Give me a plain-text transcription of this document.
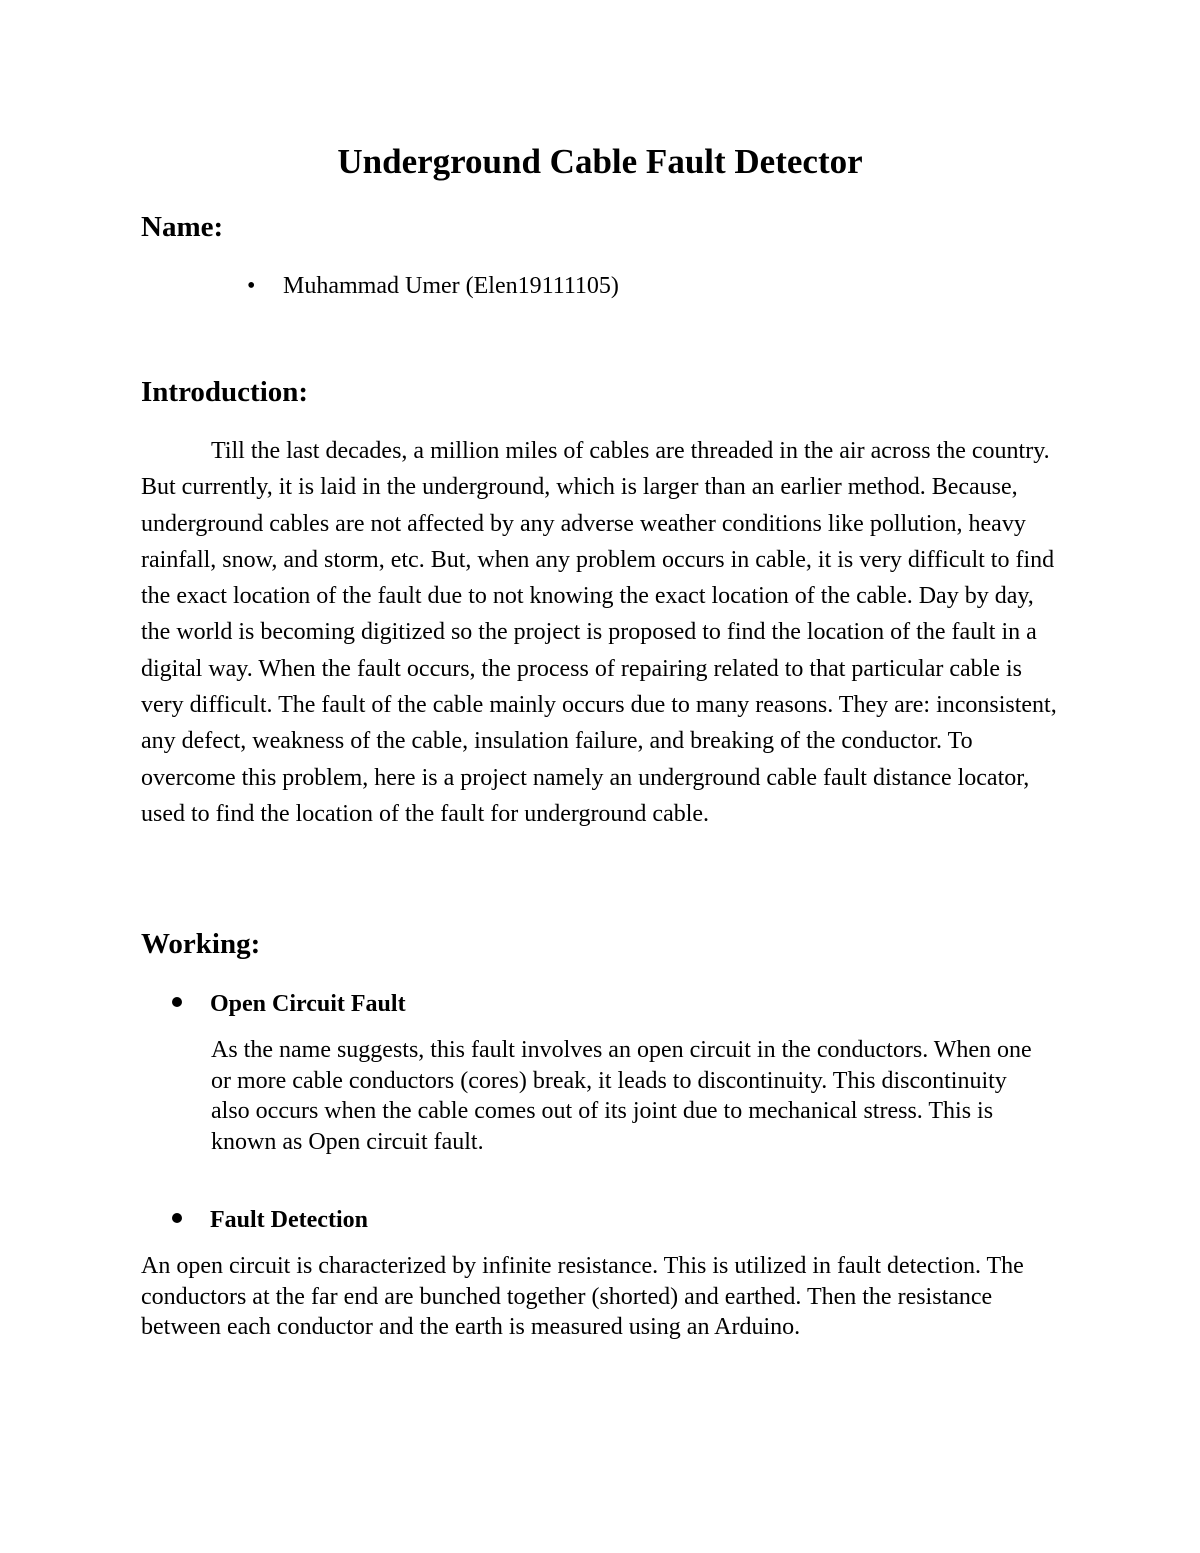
Underground Cable Fault Detector
Name:

• Muhammad Umer (Elen19111105)

Introduction:

Till the last decades, a million miles of cables are threaded in the air across the country. But currently, it is laid in the underground, which is larger than an earlier method. Because, underground cables are not affected by any adverse weather conditions like pollution, heavy rainfall, snow, and storm, etc. But, when any problem occurs in cable, it is very difficult to find the exact location of the fault due to not knowing the exact location of the cable. Day by day, the world is becoming digitized so the project is proposed to find the location of the fault in a digital way. When the fault occurs, the process of repairing related to that particular cable is very difficult. The fault of the cable mainly occurs due to many reasons. They are: inconsistent, any defect, weakness of the cable, insulation failure, and breaking of the conductor. To overcome this problem, here is a project namely an underground cable fault distance locator, used to find the location of the fault for underground cable.

Working:

Open Circuit Fault

As the name suggests, this fault involves an open circuit in the conductors. When one or more cable conductors (cores) break, it leads to discontinuity. This discontinuity also occurs when the cable comes out of its joint due to mechanical stress. This is known as Open circuit fault.

Fault Detection

An open circuit is characterized by infinite resistance. This is utilized in fault detection. The conductors at the far end are bunched together (shorted) and earthed. Then the resistance between each conductor and the earth is measured using an Arduino.
